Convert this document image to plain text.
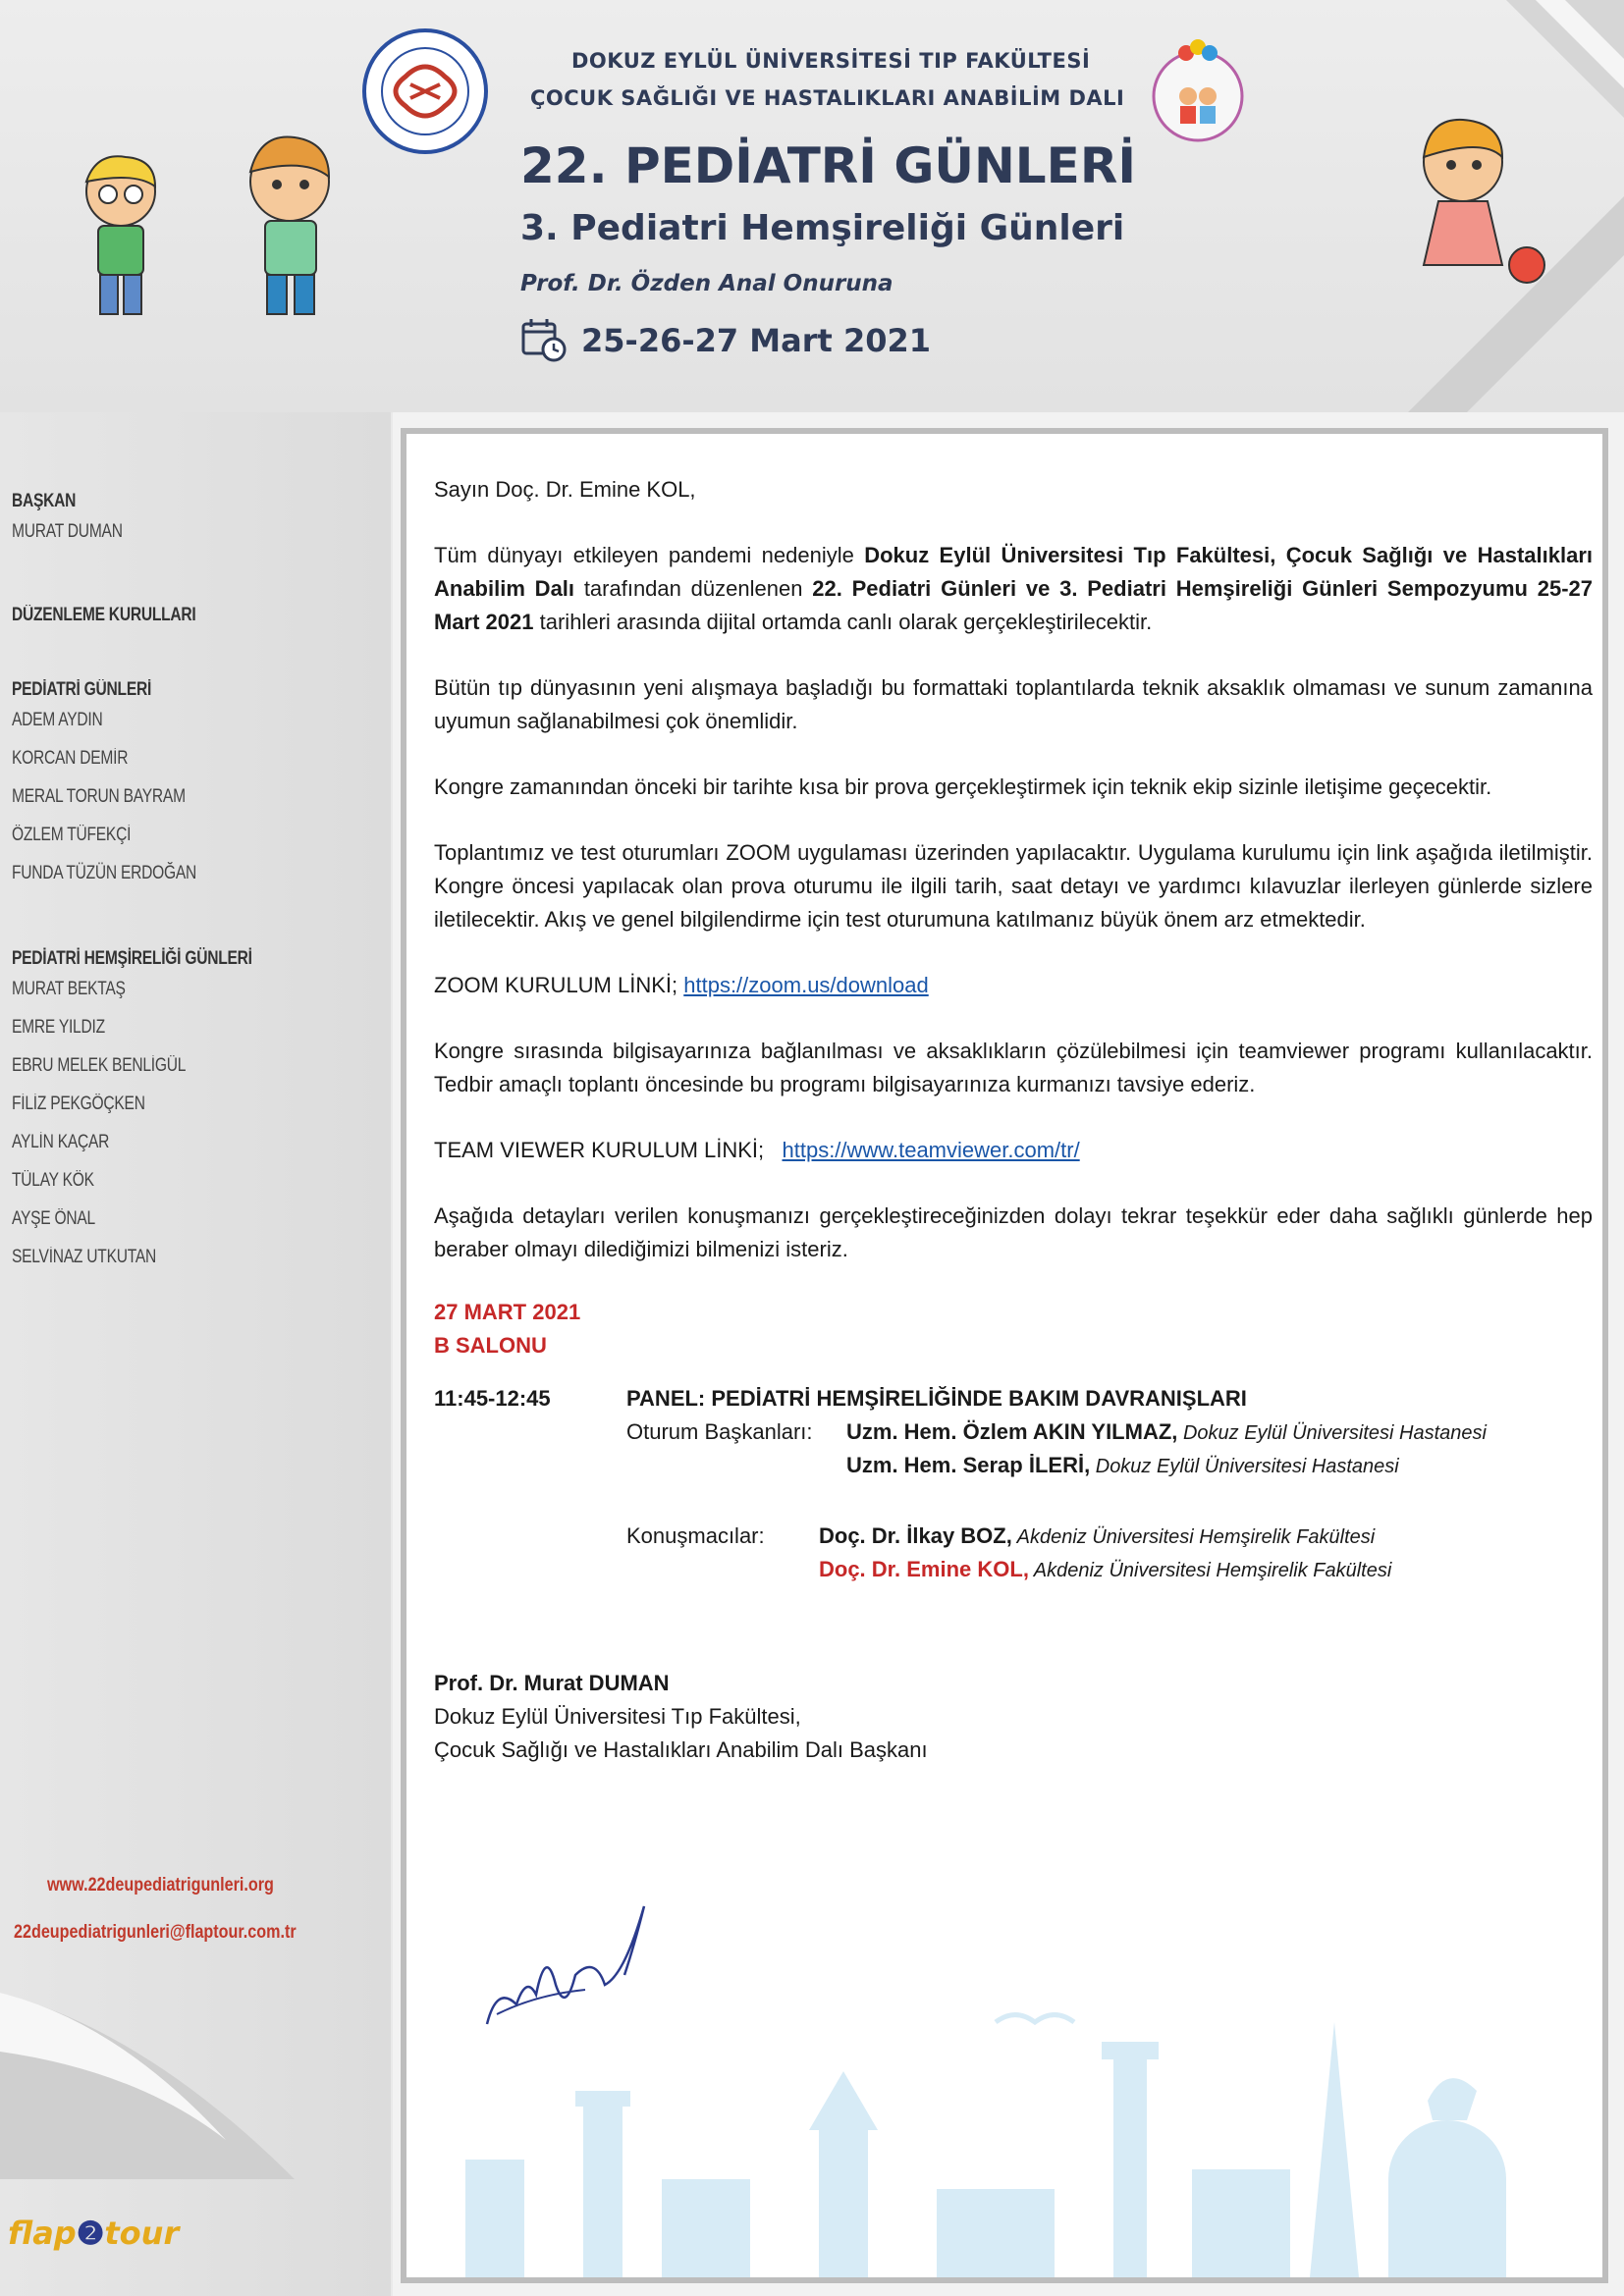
DOKUZ EYLÜL ÜNİVERSİTESİ TIP FAKÜLTESİ
ÇOCUK SAĞLIĞI VE HASTALIKLARI ANABİLİM DALI
22. PEDİATRİ GÜNLERİ
3. Pediatri Hemşireliği Günleri
Prof. Dr. Özden Anal Onuruna
25-26-27 Mart 2021
BAŞKAN
MURAT DUMAN
DÜZENLEME KURULLARI
PEDİATRİ GÜNLERİ
ADEM AYDIN
KORCAN DEMİR
MERAL TORUN BAYRAM
ÖZLEM TÜFEKÇİ
FUNDA TÜZÜN ERDOĞAN
PEDİATRİ HEMŞİRELİĞİ GÜNLERİ
MURAT BEKTAŞ
EMRE YILDIZ
EBRU MELEK BENLİGÜL
FİLİZ PEKGÖÇKEN
AYLİN KAÇAR
TÜLAY KÖK
AYŞE ÖNAL
SELVİNAZ UTKUTAN
www.22deupediatrigunleri.org
22deupediatrigunleri@flaptour.com.tr
flap❷tour

Sayın Doç. Dr. Emine KOL,

Tüm dünyayı etkileyen pandemi nedeniyle Dokuz Eylül Üniversitesi Tıp Fakültesi, Çocuk Sağlığı ve Hastalıkları Anabilim Dalı tarafından düzenlenen 22. Pediatri Günleri ve 3. Pediatri Hemşireliği Günleri Sempozyumu 25-27 Mart 2021 tarihleri arasında dijital ortamda canlı olarak gerçekleştirilecektir.

Bütün tıp dünyasının yeni alışmaya başladığı bu formattaki toplantılarda teknik aksaklık olmaması ve sunum zamanına uyumun sağlanabilmesi çok önemlidir.

Kongre zamanından önceki bir tarihte kısa bir prova gerçekleştirmek için teknik ekip sizinle iletişime geçecektir.

Toplantımız ve test oturumları ZOOM uygulaması üzerinden yapılacaktır. Uygulama kurulumu için link aşağıda iletilmiştir. Kongre öncesi yapılacak olan prova oturumu ile ilgili tarih, saat detayı ve yardımcı kılavuzlar ilerleyen günlerde sizlere iletilecektir. Akış ve genel bilgilendirme için test oturumuna katılmanız büyük önem arz etmektedir.

ZOOM KURULUM LİNKİ; https://zoom.us/download

Kongre sırasında bilgisayarınıza bağlanılması ve aksaklıkların çözülebilmesi için teamviewer programı kullanılacaktır. Tedbir amaçlı toplantı öncesinde bu programı bilgisayarınıza kurmanızı tavsiye ederiz.

TEAM VIEWER KURULUM LİNKİ;   https://www.teamviewer.com/tr/

Aşağıda detayları verilen konuşmanızı gerçekleştireceğinizden dolayı tekrar teşekkür eder daha sağlıklı günlerde hep beraber olmayı dilediğimizi bilmenizi isteriz.

27 MART 2021
B SALONU
11:45-12:45	PANEL: PEDİATRİ HEMŞİRELİĞİNDE BAKIM DAVRANIŞLARI
Oturum Başkanları: Uzm. Hem. Özlem AKIN YILMAZ, Dokuz Eylül Üniversitesi Hastanesi
Uzm. Hem. Serap İLERİ, Dokuz Eylül Üniversitesi Hastanesi
Konuşmacılar:	Doç. Dr. İlkay BOZ, Akdeniz Üniversitesi Hemşirelik Fakültesi
Doç. Dr. Emine KOL, Akdeniz Üniversitesi Hemşirelik Fakültesi
Prof. Dr. Murat DUMAN
Dokuz Eylül Üniversitesi Tıp Fakültesi,
Çocuk Sağlığı ve Hastalıkları Anabilim Dalı Başkanı
